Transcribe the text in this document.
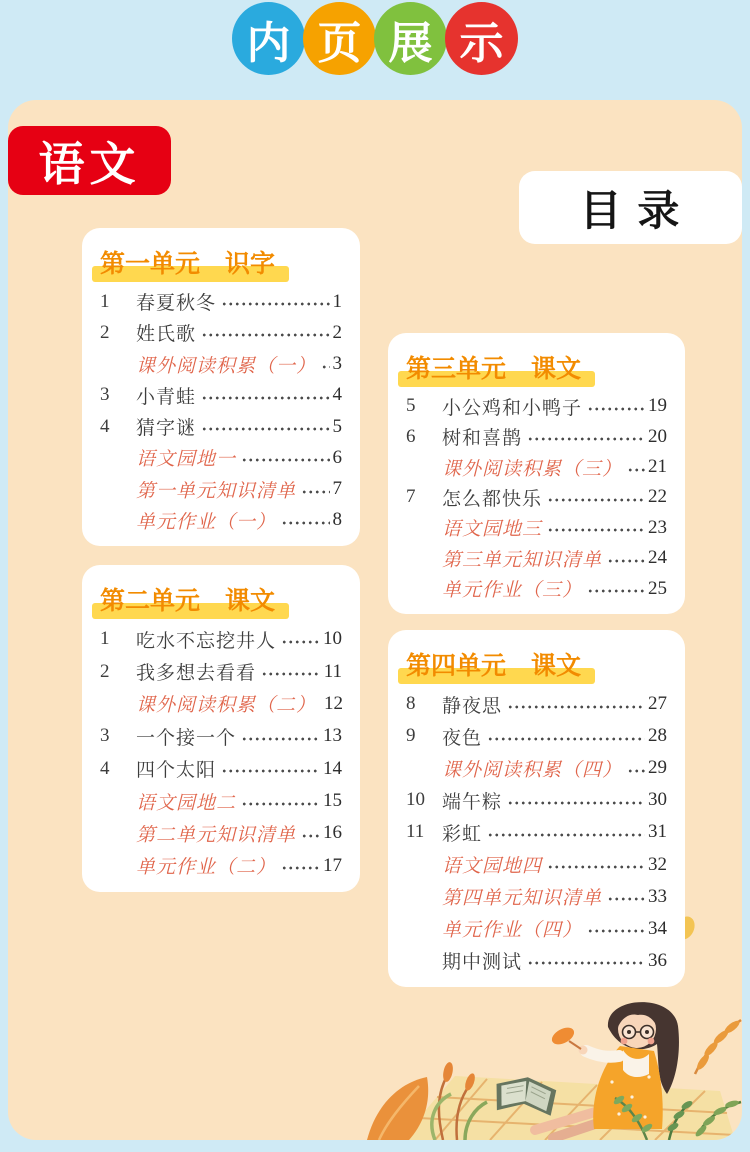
内 页 展 示
语文
目 录
第一单元　识字
1	春夏秋冬	1
2	姓氏歌	2
课外阅读积累（一） 3
3	小青蛙	4
4	猜字谜	5
语文园地一	6
第一单元知识清单 7
单元作业（一）	8
第二单元　课文
1	吃水不忘挖井人 10
2	我多想去看看	11
课外阅读积累（二） 12
3	一个接一个	13
4	四个太阳	14
语文园地二	15
第二单元知识清单 16
单元作业（二） 17
第三单元　课文
5	小公鸡和小鸭子	19
6	树和喜鹊	20
课外阅读积累（三） 21
7	怎么都快乐	22
语文园地三	23
第三单元知识清单 24
单元作业（三）	25
第四单元　课文
8	静夜思	27
9	夜色	28
课外阅读积累（四） 29
10 端午粽	30
11 彩虹	31
语文园地四	32
第四单元知识清单 33
单元作业（四）	34
期中测试	36
